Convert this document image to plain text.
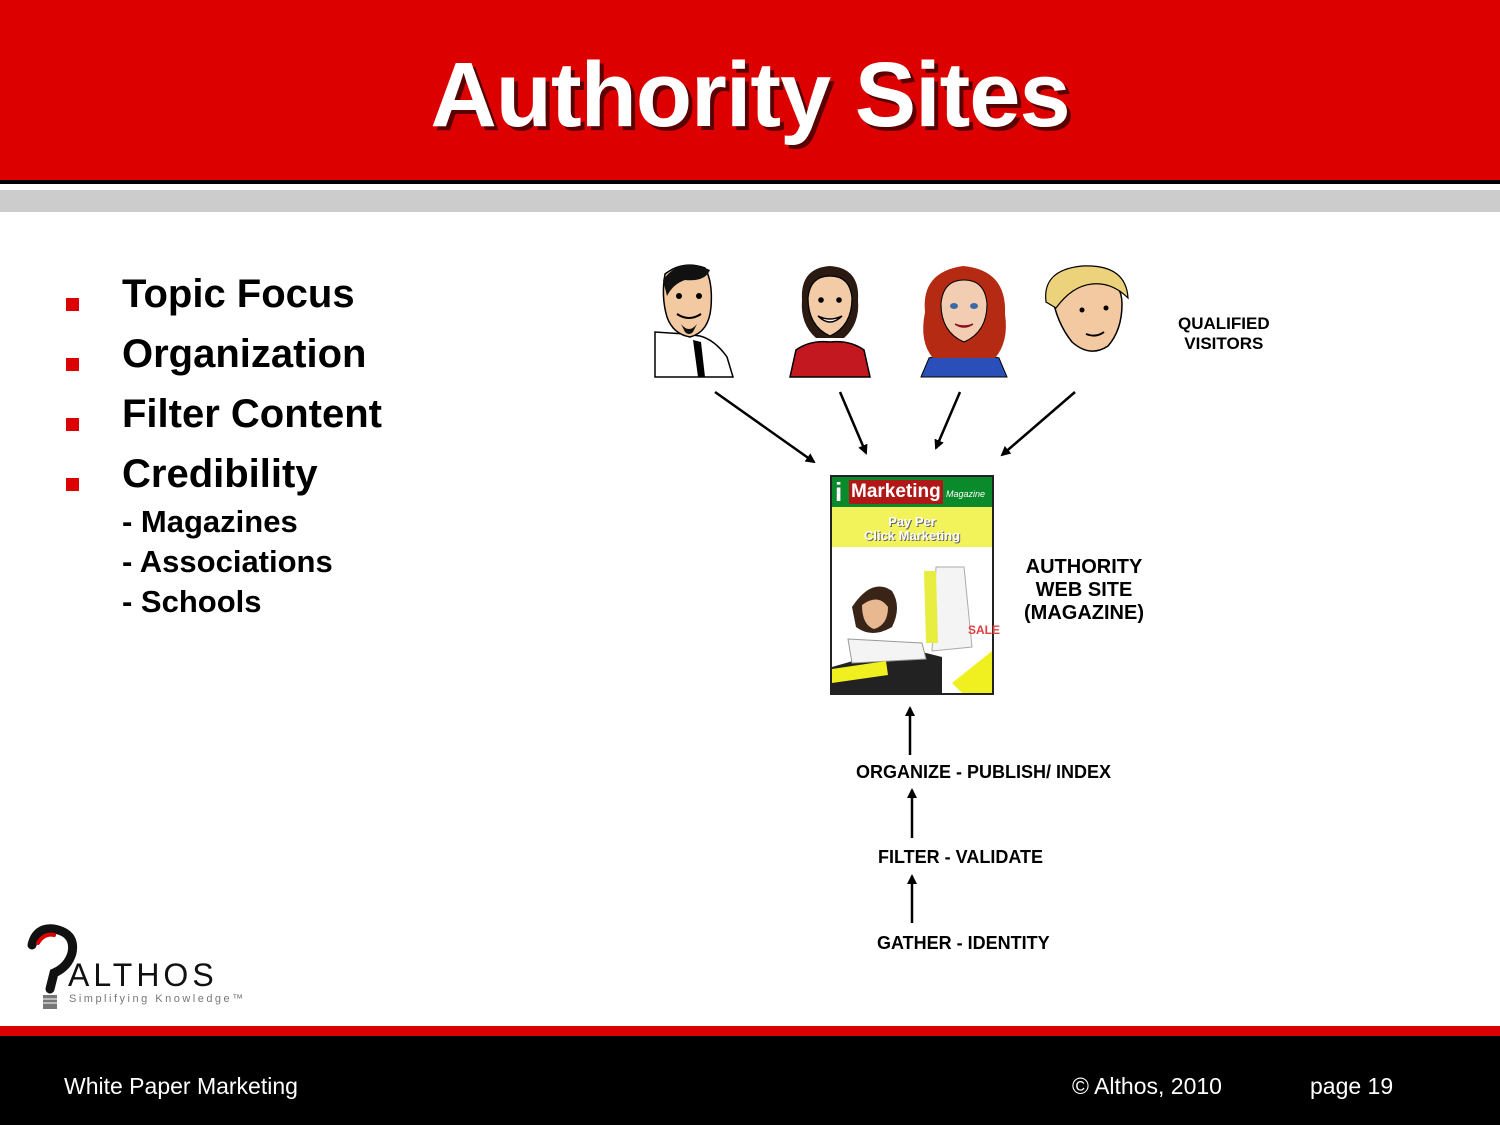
Authority Sites
Topic Focus
Organization
Filter Content
Credibility
- Magazines
- Associations
- Schools
QUALIFIED
VISITORS
i Marketing Magazine
Pay Per
Click Marketing
SALE
AUTHORITY
WEB SITE
(MAGAZINE)
ORGANIZE - PUBLISH/ INDEX
FILTER - VALIDATE
GATHER - IDENTITY
ALTHOS
Simplifying Knowledge™
White Paper Marketing	© Althos, 2010	page 19
